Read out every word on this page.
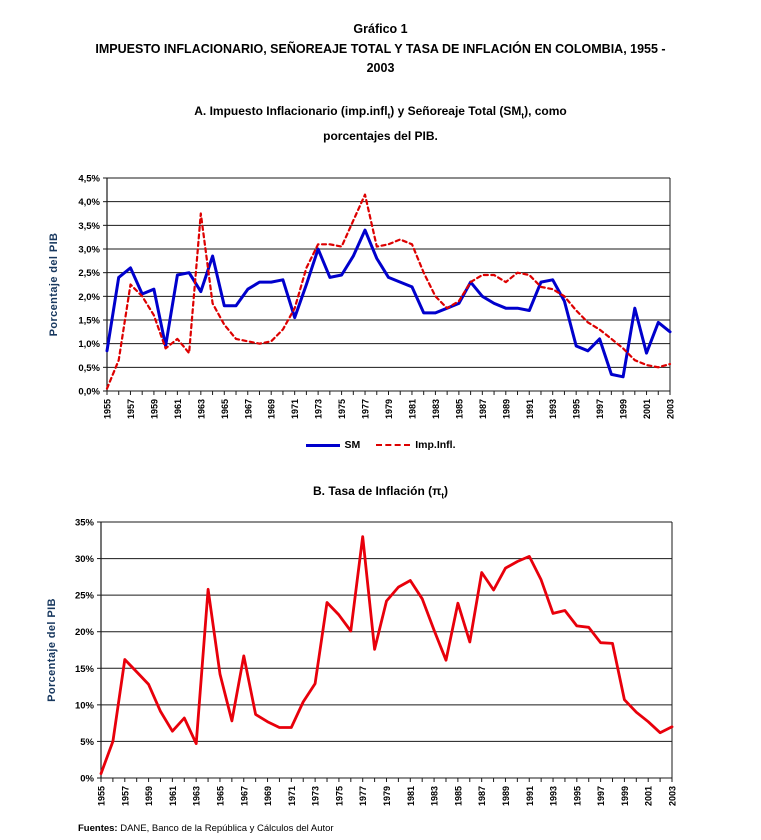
Gráfico 1
IMPUESTO INFLACIONARIO, SEÑOREAJE TOTAL Y TASA DE INFLACIÓN EN COLOMBIA, 1955 -
2003
A. Impuesto Inflacionario (imp.infl$_t$) y Señoreaje Total $(SM_t)$, como
porcentajes del PIB.
0,0%
0,5%
1,0%
1,5%
2,0%
2,5%
3,0%
3,5%
4,0%
4,5%
1955 1957 1959 1961 1963 1965 1967 1969 1971 1973 1975 1977 1979 1981 1983 1985 1987 1989 1991 1993 1995 1997 1999 2001 2003
Porcentaje del PIB
SM	Imp.Infl.
B. Tasa de Inflación $(\pi_t)$
0%
5%
10%
15%
20%
25%
30%
35%
1955 1957 1959 1961 1963 1965 1967 1969 1971 1973 1975 1977 1979 1981 1983 1985 1987 1989 1991 1993 1995 1997 1999 2001 2003
Porcentaje del PIB
Fuentes: DANE, Banco de la República y Cálculos del Autor
